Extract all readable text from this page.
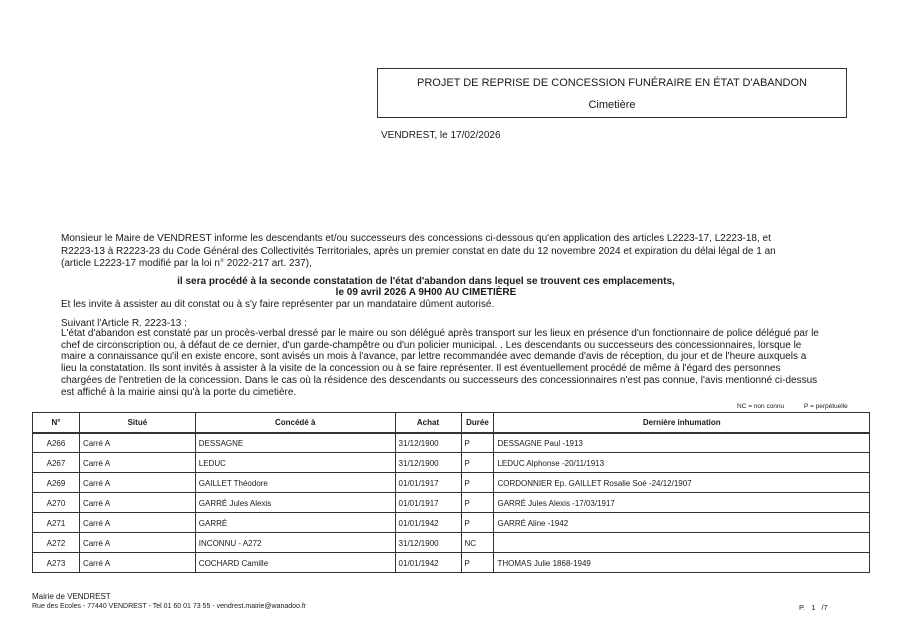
PROJET DE REPRISE DE CONCESSION FUNÉRAIRE EN ÉTAT D'ABANDON
Cimetière
VENDREST, le 17/02/2026
Monsieur le Maire de VENDREST informe les descendants et/ou successeurs des concessions ci-dessous qu'en application des articles L2223-17, L2223-18, et R2223-13 à R2223-23 du Code Général des Collectivités Territoriales, après un premier constat en date du 12 novembre 2024 et expiration du délai légal de 1 an (article L2223-17 modifié par la loi n° 2022-217 art. 237),
il sera procédé à la seconde constatation de l'état d'abandon dans lequel se trouvent ces emplacements,
le 09 avril 2026 A 9H00 AU CIMETIÈRE
Et les invite à assister au dit constat ou à s'y faire représenter par un mandataire dûment autorisé.
Suivant l'Article R. 2223-13 :
L'état d'abandon est constaté par un procès-verbal dressé par le maire ou son délégué après transport sur les lieux en présence d'un fonctionnaire de police délégué par le chef de circonscription ou, à défaut de ce dernier, d'un garde-champêtre ou d'un policier municipal. . Les descendants ou successeurs des concessionnaires, lorsque le maire a connaissance qu'il en existe encore, sont avisés un mois à l'avance, par lettre recommandée avec demande d'avis de réception, du jour et de l'heure auxquels a lieu la constatation. Ils sont invités à assister à la visite de la concession ou à se faire représenter. Il est éventuellement procédé de même à l'égard des personnes chargées de l'entretien de la concession. Dans le cas où la résidence des descendants ou successeurs des concessionnaires n'est pas connue, l'avis mentionné ci-dessus est affiché à la mairie ainsi qu'à la porte du cimetière.
NC = non connu	P = perpétuelle
N°	Situé	Concédé à	Achat	Durée	Dernière inhumation
A266	Carré A	DESSAGNE	31/12/1900	P	DESSAGNE Paul -1913
A267	Carré A	LEDUC	31/12/1900	P	LEDUC Alphonse -20/11/1913
A269	Carré A	GAILLET Théodore	01/01/1917	P	CORDONNIER Ep. GAILLET Rosalie Soé -24/12/1907
A270	Carré A	GARRÉ Jules Alexis	01/01/1917	P	GARRÉ Jules Alexis -17/03/1917
A271	Carré A	GARRÉ	01/01/1942	P	GARRÉ Aline -1942
A272	Carré A	INCONNU - A272	31/12/1900	NC	
A273	Carré A	COCHARD Camille	01/01/1942	P	THOMAS Julie 1868-1949
Mairie de VENDREST
Rue des Ecoles - 77440 VENDREST - Tel 01 60 01 73 55 - vendrest.mairie@wanadoo.fr	P. 1 /7
